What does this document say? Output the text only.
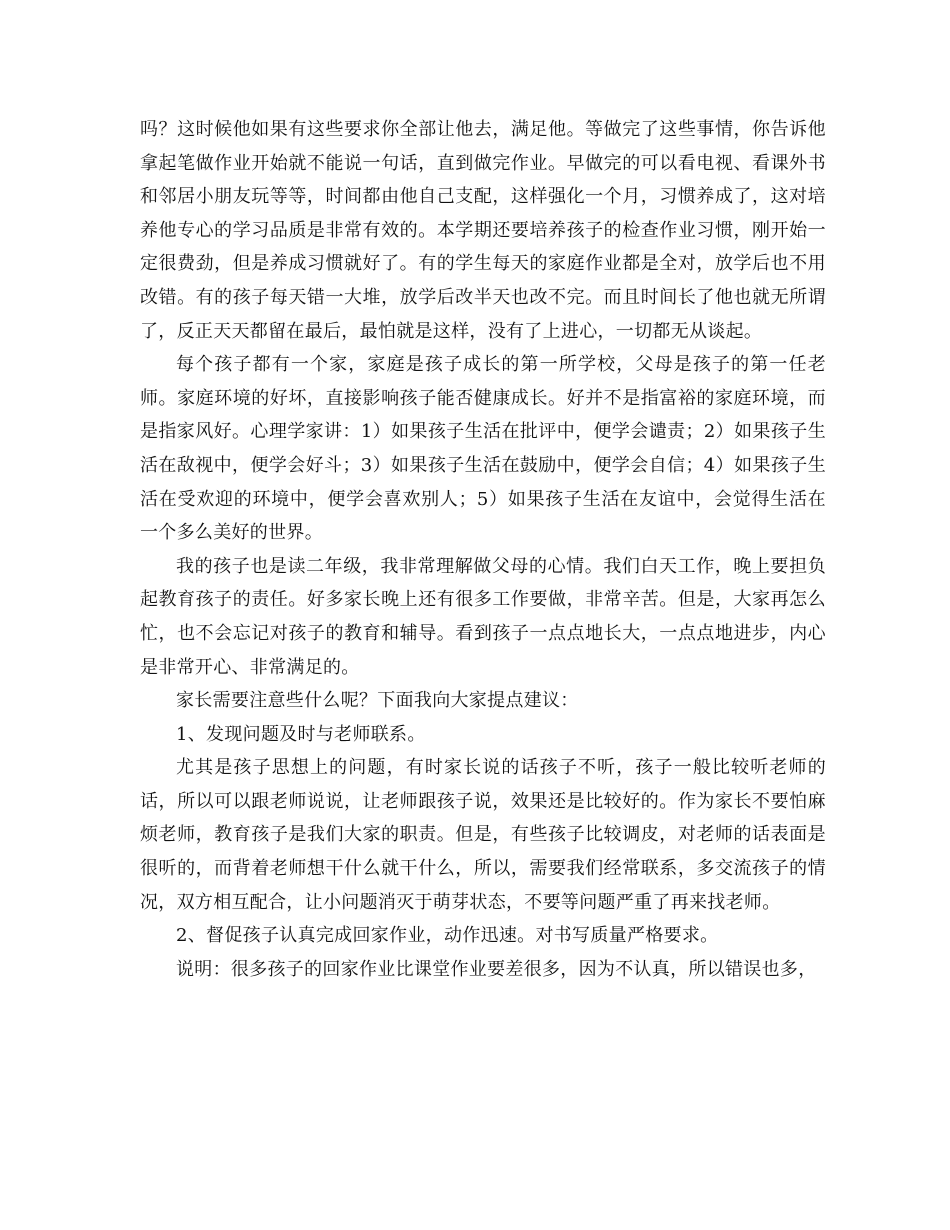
吗？这时候他如果有这些要求你全部让他去，满足他。等做完了这些事情，你告诉他拿起笔做作业开始就不能说一句话，直到做完作业。早做完的可以看电视、看课外书和邻居小朋友玩等等，时间都由他自己支配，这样强化一个月，习惯养成了，这对培养他专心的学习品质是非常有效的。本学期还要培养孩子的检查作业习惯，刚开始一定很费劲，但是养成习惯就好了。有的学生每天的家庭作业都是全对，放学后也不用改错。有的孩子每天错一大堆，放学后改半天也改不完。而且时间长了他也就无所谓了，反正天天都留在最后，最怕就是这样，没有了上进心，一切都无从谈起。

每个孩子都有一个家，家庭是孩子成长的第一所学校，父母是孩子的第一任老师。家庭环境的好坏，直接影响孩子能否健康成长。好并不是指富裕的家庭环境，而是指家风好。心理学家讲：1）如果孩子生活在批评中，便学会谴责；2）如果孩子生活在敌视中，便学会好斗；3）如果孩子生活在鼓励中，便学会自信；4）如果孩子生活在受欢迎的环境中，便学会喜欢别人；5）如果孩子生活在友谊中，会觉得生活在一个多么美好的世界。

我的孩子也是读二年级，我非常理解做父母的心情。我们白天工作，晚上要担负起教育孩子的责任。好多家长晚上还有很多工作要做，非常辛苦。但是，大家再怎么忙，也不会忘记对孩子的教育和辅导。看到孩子一点点地长大，一点点地进步，内心是非常开心、非常满足的。

家长需要注意些什么呢？下面我向大家提点建议：

1、发现问题及时与老师联系。

尤其是孩子思想上的问题，有时家长说的话孩子不听，孩子一般比较听老师的话，所以可以跟老师说说，让老师跟孩子说，效果还是比较好的。作为家长不要怕麻烦老师，教育孩子是我们大家的职责。但是，有些孩子比较调皮，对老师的话表面是很听的，而背着老师想干什么就干什么，所以，需要我们经常联系，多交流孩子的情况，双方相互配合，让小问题消灭于萌芽状态，不要等问题严重了再来找老师。

2、督促孩子认真完成回家作业，动作迅速。对书写质量严格要求。

说明：很多孩子的回家作业比课堂作业要差很多，因为不认真，所以错误也多，
